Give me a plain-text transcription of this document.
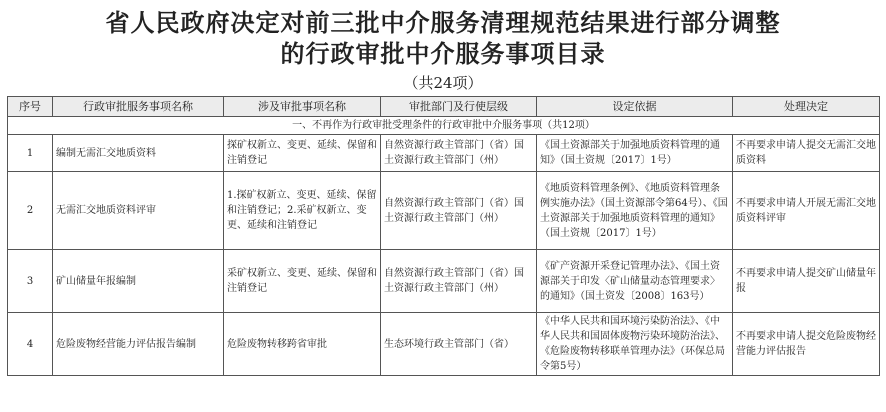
省人民政府决定对前三批中介服务清理规范结果进行部分调整

的行政审批中介服务事项目录

（共24项）

序号	行政审批服务事项名称	涉及审批事项名称	审批部门及行使层级	设定依据	处理决定
一、不再作为行政审批受理条件的行政审批中介服务事项（共12项）					
1	编制无需汇交地质资料	探矿权新立、变更、延续、保留和注销登记	自然资源行政主管部门（省）国土资源行政主管部门（州）	《国土资源部关于加强地质资料管理的通知》（国土资规〔2017〕1号）	不再要求申请人提交无需汇交地质资料
2	无需汇交地质资料评审	1.探矿权新立、变更、延续、保留和注销登记；2.采矿权新立、变更、延续和注销登记	自然资源行政主管部门（省）国土资源行政主管部门（州）	《地质资料管理条例》、《地质资料管理条例实施办法》（国土资源部令第64号）、《国土资源部关于加强地质资料管理的通知》（国土资规〔2017〕1号）	不再要求申请人开展无需汇交地质资料评审
3	矿山储量年报编制	采矿权新立、变更、延续、保留和注销登记	自然资源行政主管部门（省）国土资源行政主管部门（州）	《矿产资源开采登记管理办法》、《国土资源部关于印发〈矿山储量动态管理要求〉的通知》（国土资发〔2008〕163号）	不再要求申请人提交矿山储量年报
4	危险废物经营能力评估报告编制	危险废物转移跨省审批	生态环境行政主管部门（省）	《中华人民共和国环境污染防治法》、《中华人民共和国固体废物污染环境防治法》、《危险废物转移联单管理办法》（环保总局令第5号）	不再要求申请人提交危险废物经营能力评估报告
